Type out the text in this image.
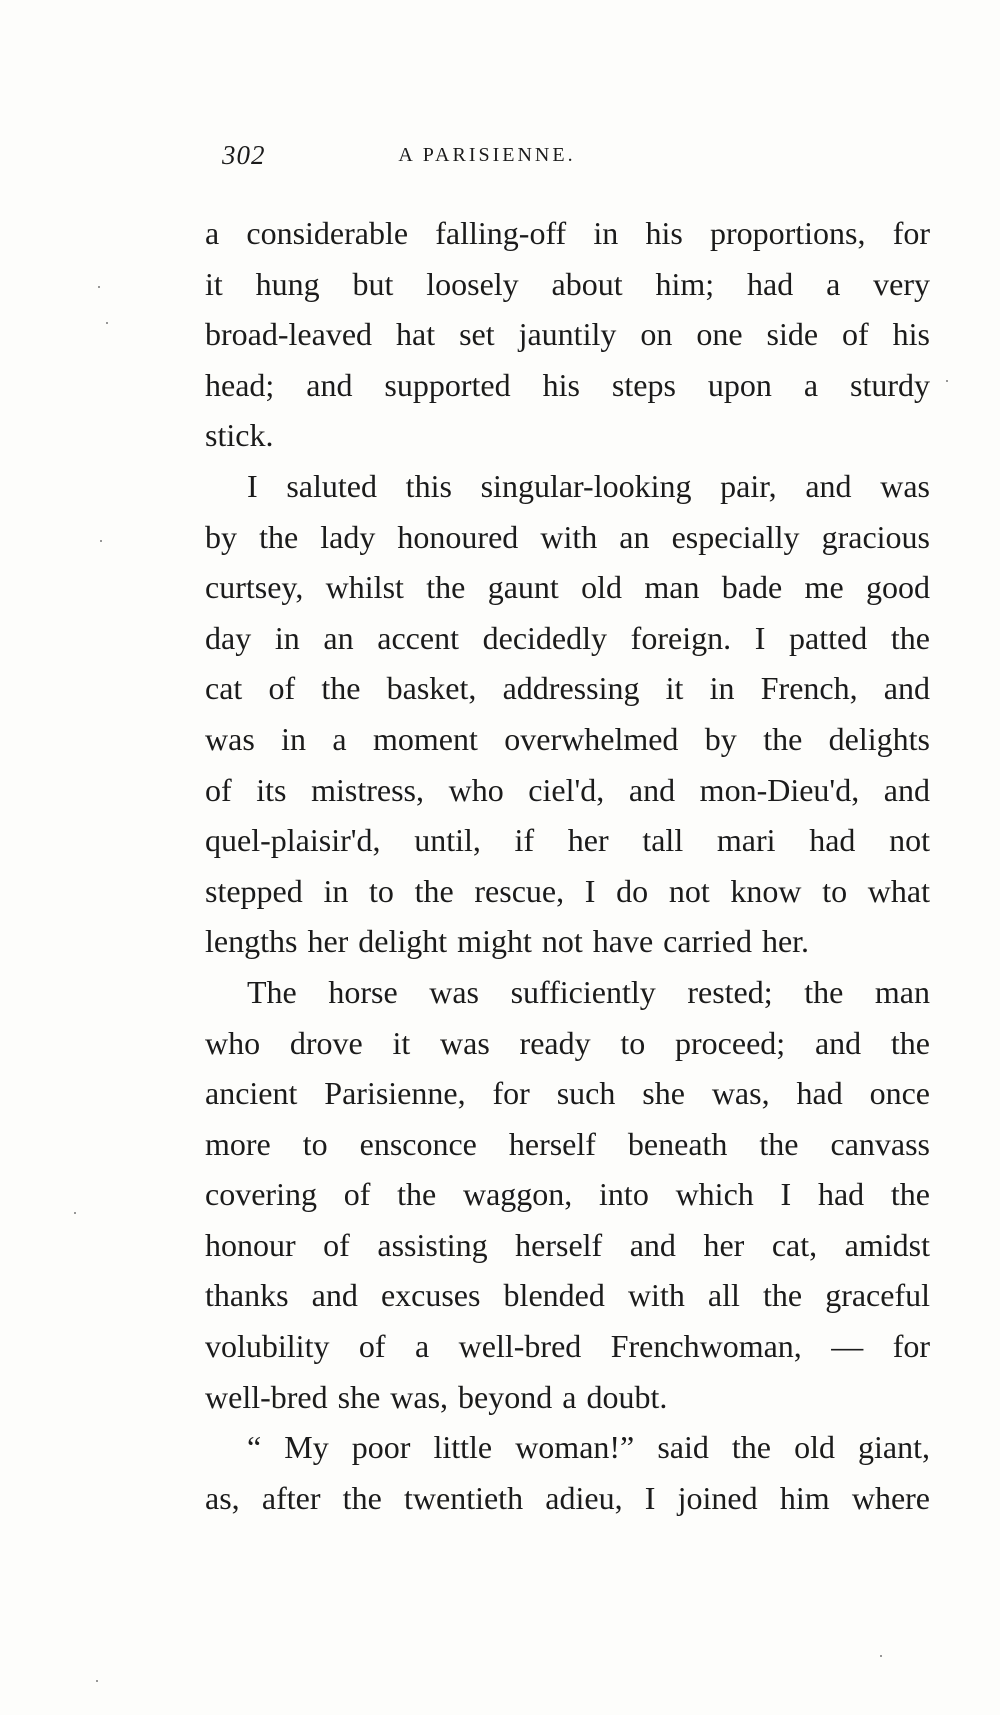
302	A PARISIENNE.
a considerable falling-off in his proportions, for
it hung but loosely about him; had a very
broad-leaved hat set jauntily on one side of his
head; and supported his steps upon a sturdy
stick.
I saluted this singular-looking pair, and was
by the lady honoured with an especially gracious
curtsey, whilst the gaunt old man bade me good
day in an accent decidedly foreign. I patted the
cat of the basket, addressing it in French, and
was in a moment overwhelmed by the delights
of its mistress, who ciel'd, and mon-Dieu'd, and
quel-plaisir'd, until, if her tall mari had not
stepped in to the rescue, I do not know to what
lengths her delight might not have carried her.
The horse was sufficiently rested; the man
who drove it was ready to proceed; and the
ancient Parisienne, for such she was, had once
more to ensconce herself beneath the canvass
covering of the waggon, into which I had the
honour of assisting herself and her cat, amidst
thanks and excuses blended with all the graceful
volubility of a well-bred Frenchwoman, — for
well-bred she was, beyond a doubt.
“ My poor little woman!” said the old giant,
as, after the twentieth adieu, I joined him where
